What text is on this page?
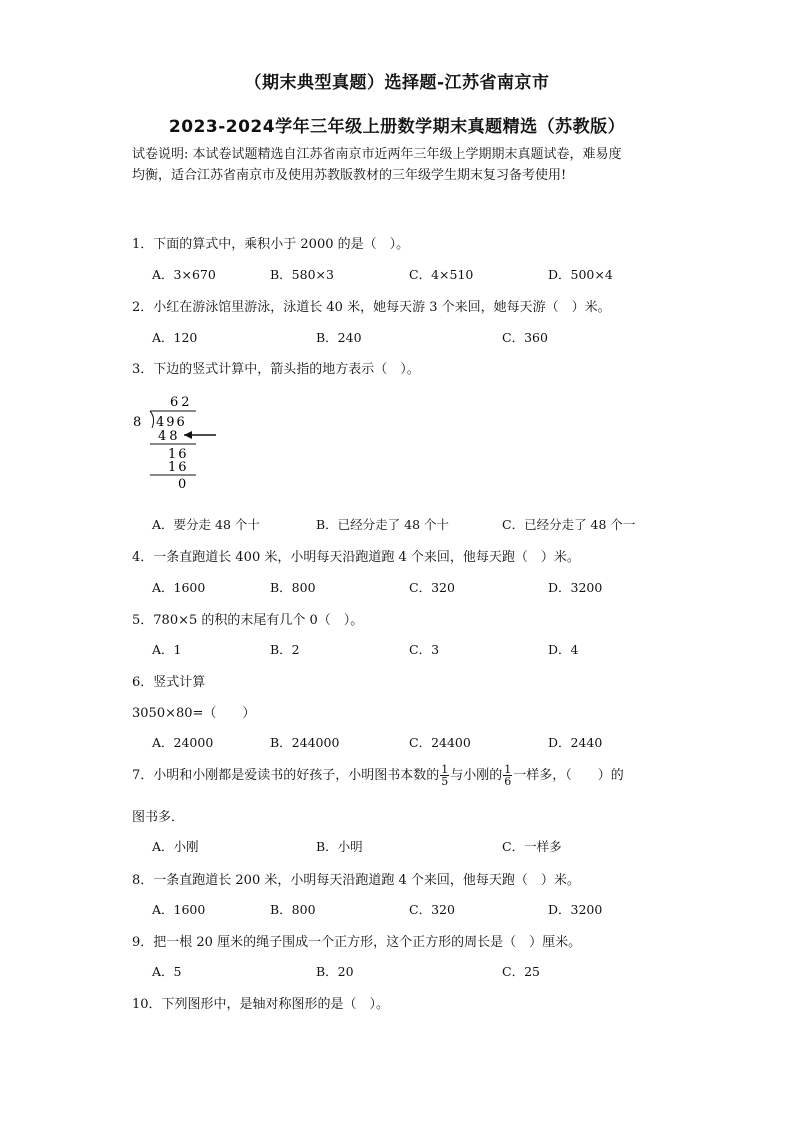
（期末典型真题）选择题-江苏省南京市
2023-2024学年三年级上册数学期末真题精选（苏教版）
试卷说明: 本试卷试题精选自江苏省南京市近两年三年级上学期期末真题试卷，难易度
均衡，适合江苏省南京市及使用苏教版教材的三年级学生期末复习备考使用!
1．下面的算式中，乘积小于 2000 的是（　）。
A．3×670	B．580×3	C．4×510	D．500×4
2．小红在游泳馆里游泳，泳道长 40 米，她每天游 3 个来回，她每天游（　）米。
A．120	B．240	C．360
3．下边的竖式计算中，箭头指的地方表示（　）。
62
8 496
48
16
16
0
A．要分走 48 个十	B．已经分走了 48 个十	C．已经分走了 48 个一
4．一条直跑道长 400 米，小明每天沿跑道跑 4 个来回，他每天跑（　）米。
A．1600	B．800	C．320	D．3200
5．780×5 的积的末尾有几个 0（　）。
A．1	B．2	C．3	D．4
6．竖式计算
3050×80=（　　）
A．24000	B．244000	C．24400	D．2440
7．小明和小刚都是爱读书的好孩子，小明图书本数的 $\frac{1}{5}$ 与小刚的 $\frac{1}{6}$ 一样多，（　　）的
图书多．
A．小刚	B．小明	C．一样多
8．一条直跑道长 200 米，小明每天沿跑道跑 4 个来回，他每天跑（　）米。
A．1600	B．800	C．320	D．3200
9．把一根 20 厘米的绳子围成一个正方形，这个正方形的周长是（　）厘米。
A．5	B．20	C．25
10．下列图形中，是轴对称图形的是（　）。
